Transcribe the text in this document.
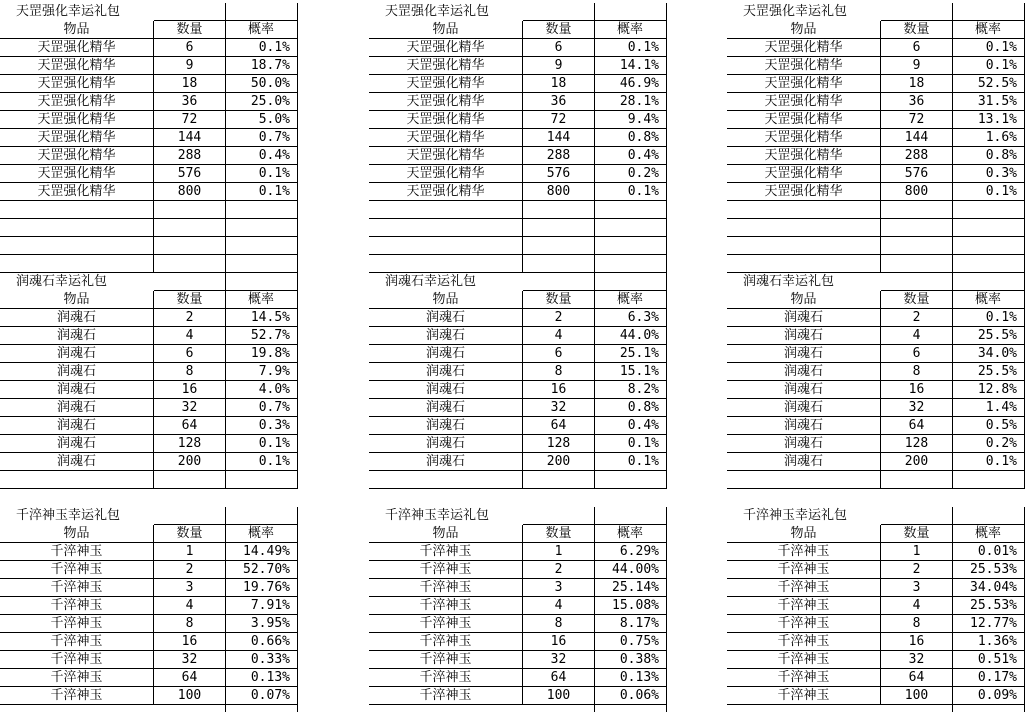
天罡强化幸运礼包
物品	数量	概率
天罡强化精华	6	0.1%
天罡强化精华	9	18.7%
天罡强化精华	18	50.0%
天罡强化精华	36	25.0%
天罡强化精华	72	5.0%
天罡强化精华	144	0.7%
天罡强化精华	288	0.4%
天罡强化精华	576	0.1%
天罡强化精华	800	0.1%
润魂石幸运礼包
物品	数量	概率
润魂石	2	14.5%
润魂石	4	52.7%
润魂石	6	19.8%
润魂石	8	7.9%
润魂石	16	4.0%
润魂石	32	0.7%
润魂石	64	0.3%
润魂石	128	0.1%
润魂石	200	0.1%
千淬神玉幸运礼包
物品	数量	概率
千淬神玉	1	14.49%
千淬神玉	2	52.70%
千淬神玉	3	19.76%
千淬神玉	4	7.91%
千淬神玉	8	3.95%
千淬神玉	16	0.66%
千淬神玉	32	0.33%
千淬神玉	64	0.13%
千淬神玉	100	0.07%
天罡强化幸运礼包
物品	数量	概率
天罡强化精华	6	0.1%
天罡强化精华	9	14.1%
天罡强化精华	18	46.9%
天罡强化精华	36	28.1%
天罡强化精华	72	9.4%
天罡强化精华	144	0.8%
天罡强化精华	288	0.4%
天罡强化精华	576	0.2%
天罡强化精华	800	0.1%
润魂石幸运礼包
物品	数量	概率
润魂石	2	6.3%
润魂石	4	44.0%
润魂石	6	25.1%
润魂石	8	15.1%
润魂石	16	8.2%
润魂石	32	0.8%
润魂石	64	0.4%
润魂石	128	0.1%
润魂石	200	0.1%
千淬神玉幸运礼包
物品	数量	概率
千淬神玉	1	6.29%
千淬神玉	2	44.00%
千淬神玉	3	25.14%
千淬神玉	4	15.08%
千淬神玉	8	8.17%
千淬神玉	16	0.75%
千淬神玉	32	0.38%
千淬神玉	64	0.13%
千淬神玉	100	0.06%
天罡强化幸运礼包
物品	数量	概率
天罡强化精华	6	0.1%
天罡强化精华	9	0.1%
天罡强化精华	18	52.5%
天罡强化精华	36	31.5%
天罡强化精华	72	13.1%
天罡强化精华	144	1.6%
天罡强化精华	288	0.8%
天罡强化精华	576	0.3%
天罡强化精华	800	0.1%
润魂石幸运礼包
物品	数量	概率
润魂石	2	0.1%
润魂石	4	25.5%
润魂石	6	34.0%
润魂石	8	25.5%
润魂石	16	12.8%
润魂石	32	1.4%
润魂石	64	0.5%
润魂石	128	0.2%
润魂石	200	0.1%
千淬神玉幸运礼包
物品	数量	概率
千淬神玉	1	0.01%
千淬神玉	2	25.53%
千淬神玉	3	34.04%
千淬神玉	4	25.53%
千淬神玉	8	12.77%
千淬神玉	16	1.36%
千淬神玉	32	0.51%
千淬神玉	64	0.17%
千淬神玉	100	0.09%
